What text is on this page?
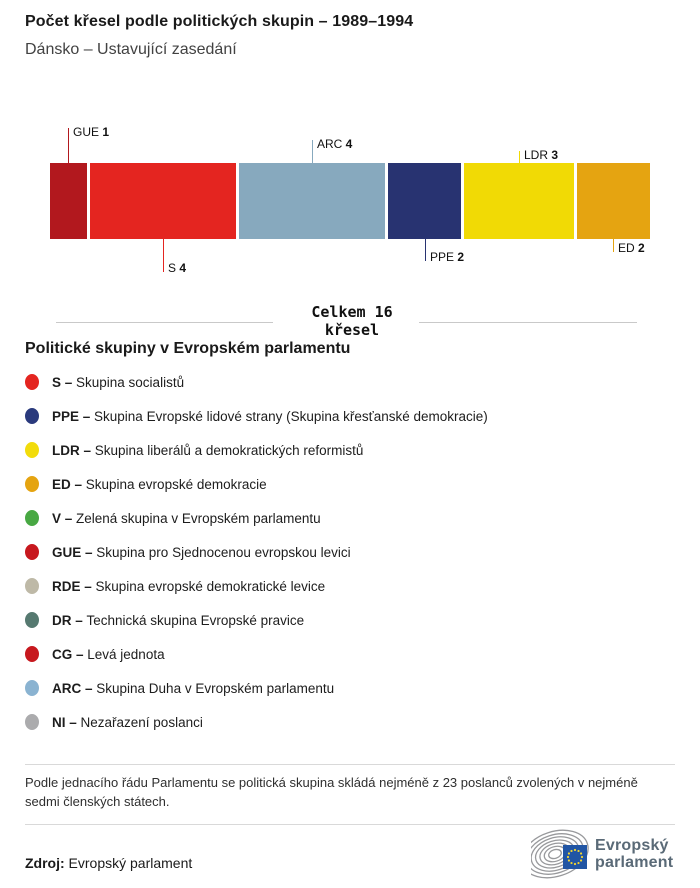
Počet křesel podle politických skupin – 1989–1994
Dánsko – Ustavující zasedání
GUE 1
S 4
ARC 4
PPE 2
LDR 3
ED 2
Celkem 16
křesel
Politické skupiny v Evropském parlamentu
S – Skupina socialistů
PPE – Skupina Evropské lidové strany (Skupina křesťanské demokracie)
LDR – Skupina liberálů a demokratických reformistů
ED – Skupina evropské demokracie
V – Zelená skupina v Evropském parlamentu
GUE – Skupina pro Sjednocenou evropskou levici
RDE – Skupina evropské demokratické levice
DR – Technická skupina Evropské pravice
CG – Levá jednota
ARC – Skupina Duha v Evropském parlamentu
NI – Nezařazení poslanci

Podle jednacího řádu Parlamentu se politická skupina skládá nejméně z 23 poslanců zvolených v nejméně sedmi členských státech.

Zdroj: Evropský parlament

Evropský
parlament
